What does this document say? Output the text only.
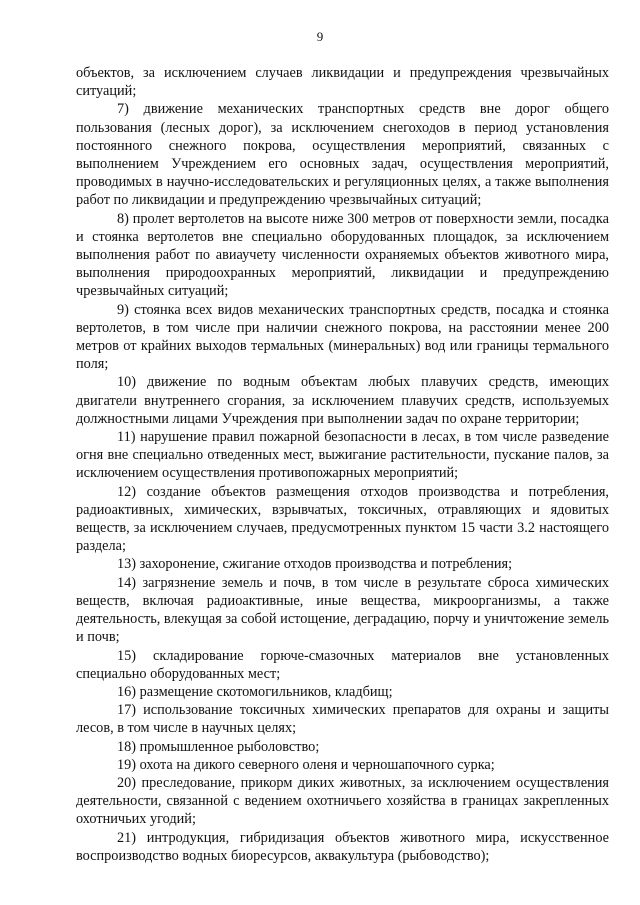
9

объектов, за исключением случаев ликвидации и предупреждения чрезвычайных ситуаций;

7) движение механических транспортных средств вне дорог общего пользования (лесных дорог), за исключением снегоходов в период установления постоянного снежного покрова, осуществления мероприятий, связанных с выполнением Учреждением его основных задач, осуществления мероприятий, проводимых в научно-исследовательских и регуляционных целях, а также выполнения работ по ликвидации и предупреждению чрезвычайных ситуаций;

8) пролет вертолетов на высоте ниже 300 метров от поверхности земли, посадка и стоянка вертолетов вне специально оборудованных площадок, за исключением выполнения работ по авиаучету численности охраняемых объектов животного мира, выполнения природоохранных мероприятий, ликвидации и предупреждению чрезвычайных ситуаций;

9) стоянка всех видов механических транспортных средств, посадка и стоянка вертолетов, в том числе при наличии снежного покрова, на расстоянии менее 200 метров от крайних выходов термальных (минеральных) вод или границы термального поля;

10) движение по водным объектам любых плавучих средств, имеющих двигатели внутреннего сгорания, за исключением плавучих средств, используемых должностными лицами Учреждения при выполнении задач по охране территории;

11) нарушение правил пожарной безопасности в лесах, в том числе разведение огня вне специально отведенных мест, выжигание растительности, пускание палов, за исключением осуществления противопожарных мероприятий;

12) создание объектов размещения отходов производства и потребления, радиоактивных, химических, взрывчатых, токсичных, отравляющих и ядовитых веществ, за исключением случаев, предусмотренных пунктом 15 части 3.2 настоящего раздела;

13) захоронение, сжигание отходов производства и потребления;

14) загрязнение земель и почв, в том числе в результате сброса химических веществ, включая радиоактивные, иные вещества, микроорганизмы, а также деятельность, влекущая за собой истощение, деградацию, порчу и уничтожение земель и почв;

15) складирование горюче-смазочных материалов вне установленных специально оборудованных мест;

16) размещение скотомогильников, кладбищ;

17) использование токсичных химических препаратов для охраны и защиты лесов, в том числе в научных целях;

18) промышленное рыболовство;

19) охота на дикого северного оленя и черношапочного сурка;

20) преследование, прикорм диких животных, за исключением осуществления деятельности, связанной с ведением охотничьего хозяйства в границах закрепленных охотничьих угодий;

21) интродукция, гибридизация объектов животного мира, искусственное воспроизводство водных биоресурсов, аквакультура (рыбоводство);
